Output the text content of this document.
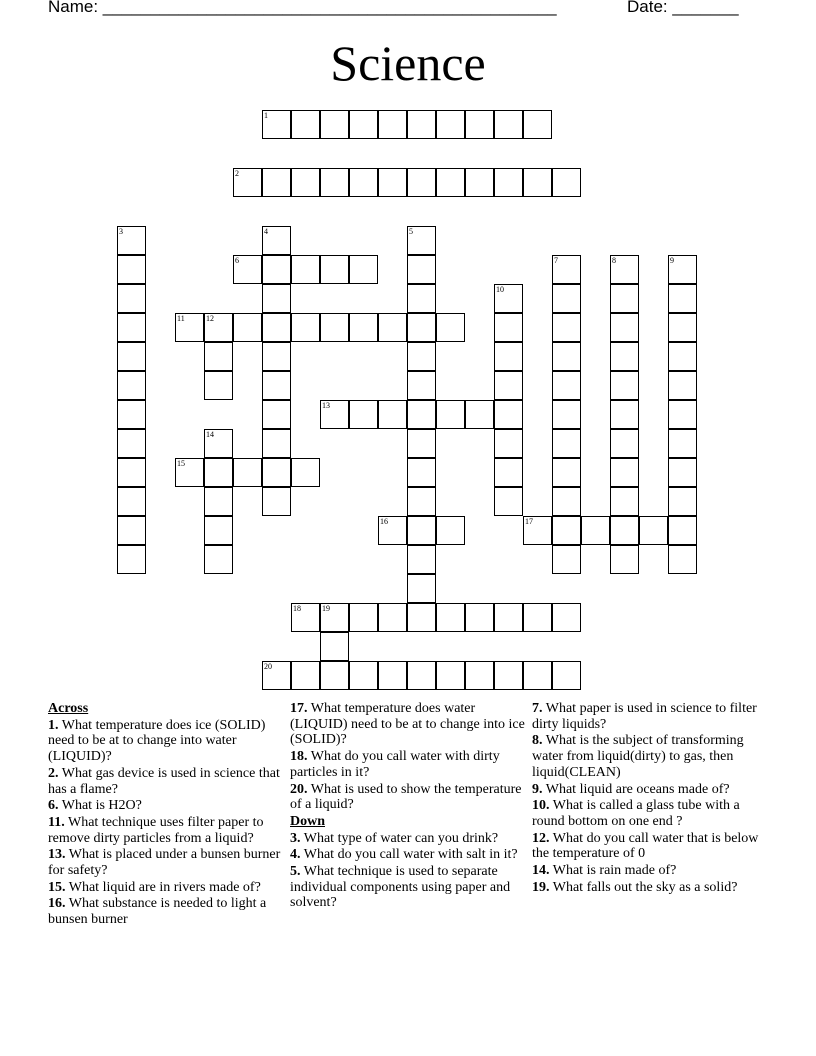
Name: ________________________________________________	Date: _______
Science
1
2
3	4	5
6	7	8	9
10
11	12
13
14
15
16	17
18	19
20

Across

1. What temperature does ice (SOLID) need to be at to change into water (LIQUID)?

2. What gas device is used in science that has a flame?

6. What is H2O?

11. What technique uses filter paper to remove dirty particles from a liquid?

13. What is placed under a bunsen burner for safety?

15. What liquid are in rivers made of?

16. What substance is needed to light a bunsen burner

17. What temperature does water (LIQUID) need to be at to change into ice (SOLID)?

18. What do you call water with dirty particles in it?

20. What is used to show the temperature of a liquid?

Down

3. What type of water can you drink?

4. What do you call water with salt in it?

5. What technique is used to separate individual components using paper and solvent?

7. What paper is used in science to filter dirty liquids?

8. What is the subject of transforming water from liquid(dirty) to gas, then liquid(CLEAN)

9. What liquid are oceans made of?

10. What is called a glass tube with a round bottom on one end ?

12. What do you call water that is below the temperature of 0

14. What is rain made of?

19. What falls out the sky as a solid?
